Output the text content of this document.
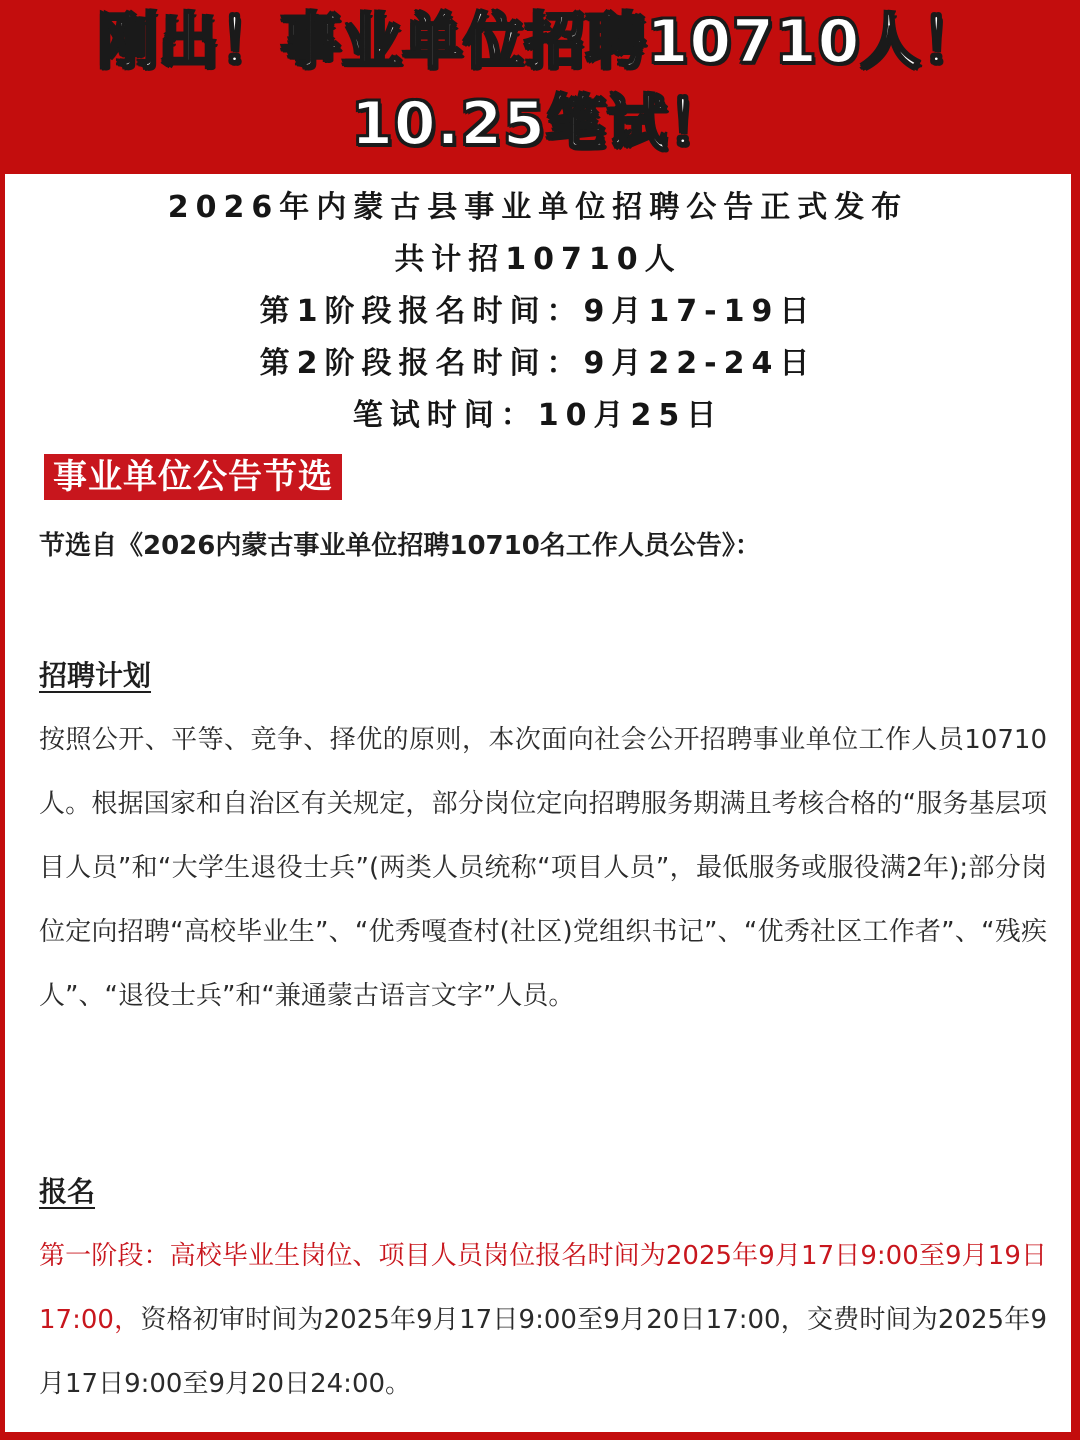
刚出！事业单位招聘10710人！
10.25笔试！
2026年内蒙古县事业单位招聘公告正式发布
共计招10710人
第1阶段报名时间：9月17-19日
第2阶段报名时间：9月22-24日
笔试时间：10月25日
事业单位公告节选
节选自《2026内蒙古事业单位招聘10710名工作人员公告》：
招聘计划
按照公开、平等、竞争、择优的原则，本次面向社会公开招聘事业单位工作人员10710人。根据国家和自治区有关规定，部分岗位定向招聘服务期满且考核合格的“服务基层项目人员”和“大学生退役士兵”(两类人员统称“项目人员”，最低服务或服役满2年);部分岗位定向招聘“高校毕业生”、“优秀嘎查村(社区)党组织书记”、“优秀社区工作者”、“残疾人”、“退役士兵”和“兼通蒙古语言文字”人员。
报名
第一阶段：高校毕业生岗位、项目人员岗位报名时间为2025年9月17日9:00至9月19日17:00，资格初审时间为2025年9月17日9:00至9月20日17:00，交费时间为2025年9月17日9:00至9月20日24:00。
